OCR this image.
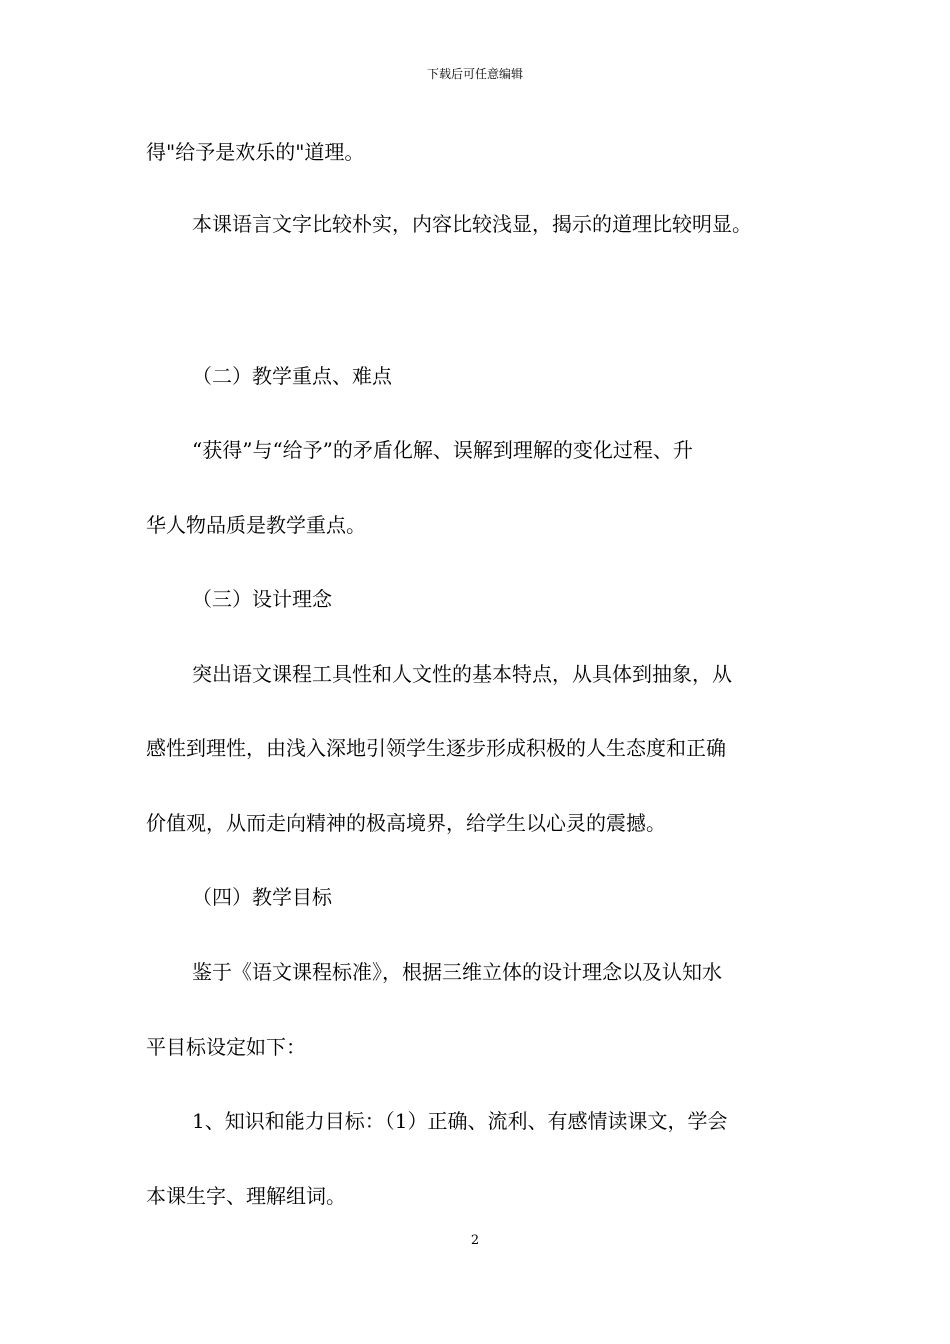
下载后可任意编辑
得"给予是欢乐的"道理。
本课语言文字比较朴实，内容比较浅显，揭示的道理比较明显。
（二）教学重点、难点
“获得”与“给予”的矛盾化解、误解到理解的变化过程、升
华人物品质是教学重点。
（三）设计理念
突出语文课程工具性和人文性的基本特点，从具体到抽象，从
感性到理性，由浅入深地引领学生逐步形成积极的人生态度和正确
价值观，从而走向精神的极高境界，给学生以心灵的震撼。
（四）教学目标
鉴于《语文课程标准》，根据三维立体的设计理念以及认知水
平目标设定如下：
1、知识和能力目标：（1）正确、流利、有感情读课文，学会
本课生字、理解组词。
2
